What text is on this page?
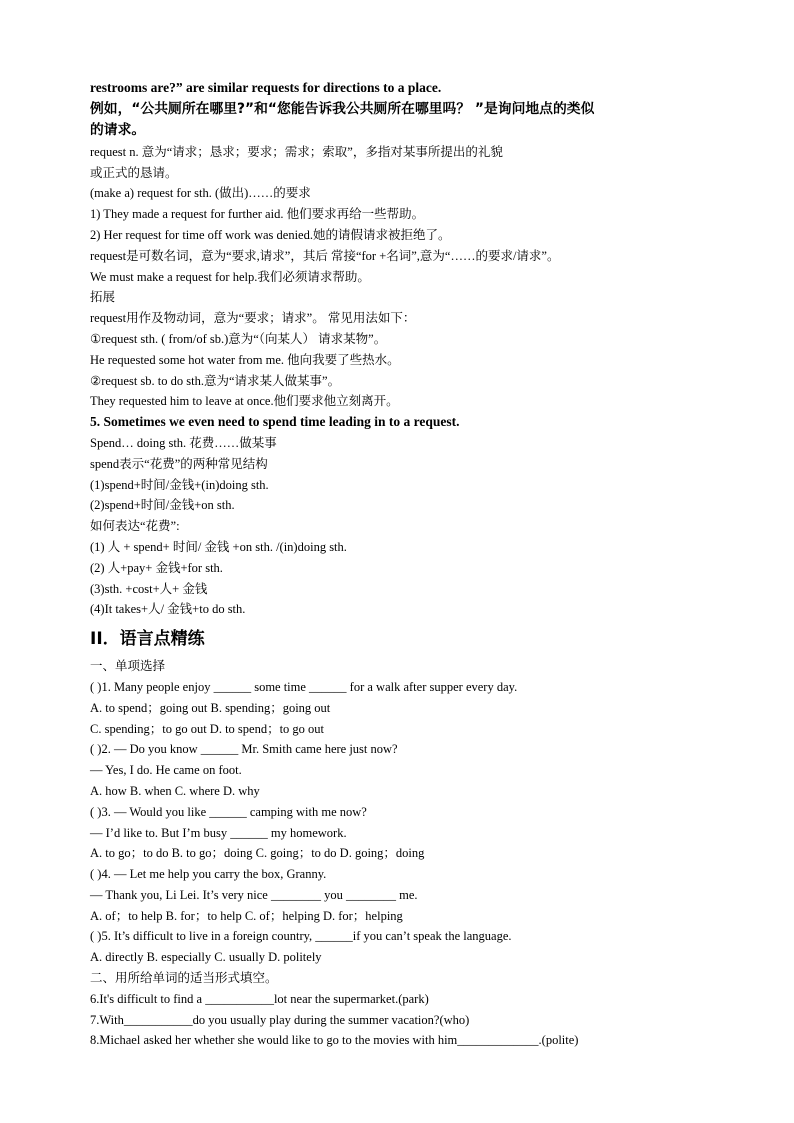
restrooms are?” are similar requests for directions to a place.
例如，“公共厕所在哪里?”和“您能告诉我公共厕所在哪里吗？ ”是询问地点的类似
的请求。
request n. 意为“请求；恳求；要求；需求；索取”，多指对某事所提出的礼貌
或正式的恳请。
(make a) request for sth. (做出)……的要求
1) They made a request for further aid. 他们要求再给一些帮助。
2) Her request for time off work was denied.她的请假请求被拒绝了。
request是可数名词，意为“要求,请求”，其后 常接“for +名词”,意为“……的要求/请求”。
We must make a request for help.我们必须请求帮助。
拓展
request用作及物动词，意为“要求；请求”。 常见用法如下：
①request sth. ( from/of sb.)意为“（向某人） 请求某物”。
He requested some hot water from me. 他向我要了些热水。
②request sb. to do sth.意为“请求某人做某事”。
They requested him to leave at once.他们要求他立刻离开。
5. Sometimes we even need to spend time leading in to a request.
Spend… doing sth. 花费……做某事
spend表示“花费”的两种常见结构
(1)spend+时间/金钱+(in)doing sth.
(2)spend+时间/金钱+on sth.
如何表达“花费”:
(1) 人 + spend+ 时间/ 金钱 +on sth. /(in)doing sth.
(2) 人+pay+ 金钱+for sth.
(3)sth. +cost+人+ 金钱
(4)It takes+人/ 金钱+to do sth.
II．语言点精练
一、单项选择
( )1. Many people enjoy ______ some time ______ for a walk after supper every day.
A. to spend；going out B. spending；going out
C. spending；to go out D. to spend；to go out
( )2. — Do you know ______ Mr. Smith came here just now?
— Yes, I do. He came on foot.
A. how B. when C. where D. why
( )3. — Would you like ______ camping with me now?
— I’d like to. But I’m busy ______ my homework.
A. to go；to do B. to go；doing C. going；to do D. going；doing
( )4. — Let me help you carry the box, Granny.
— Thank you, Li Lei. It’s very nice ________ you ________ me.
A. of；to help B. for；to help C. of；helping D. for；helping
( )5. It’s difficult to live in a foreign country, ______if you can’t speak the language.
A. directly B. especially C. usually D. politely
二、用所给单词的适当形式填空。
6.It's difficult to find a ___________lot near the supermarket.(park)
7.With___________do you usually play during the summer vacation?(who)
8.Michael asked her whether she would like to go to the movies with him_____________.(polite)
